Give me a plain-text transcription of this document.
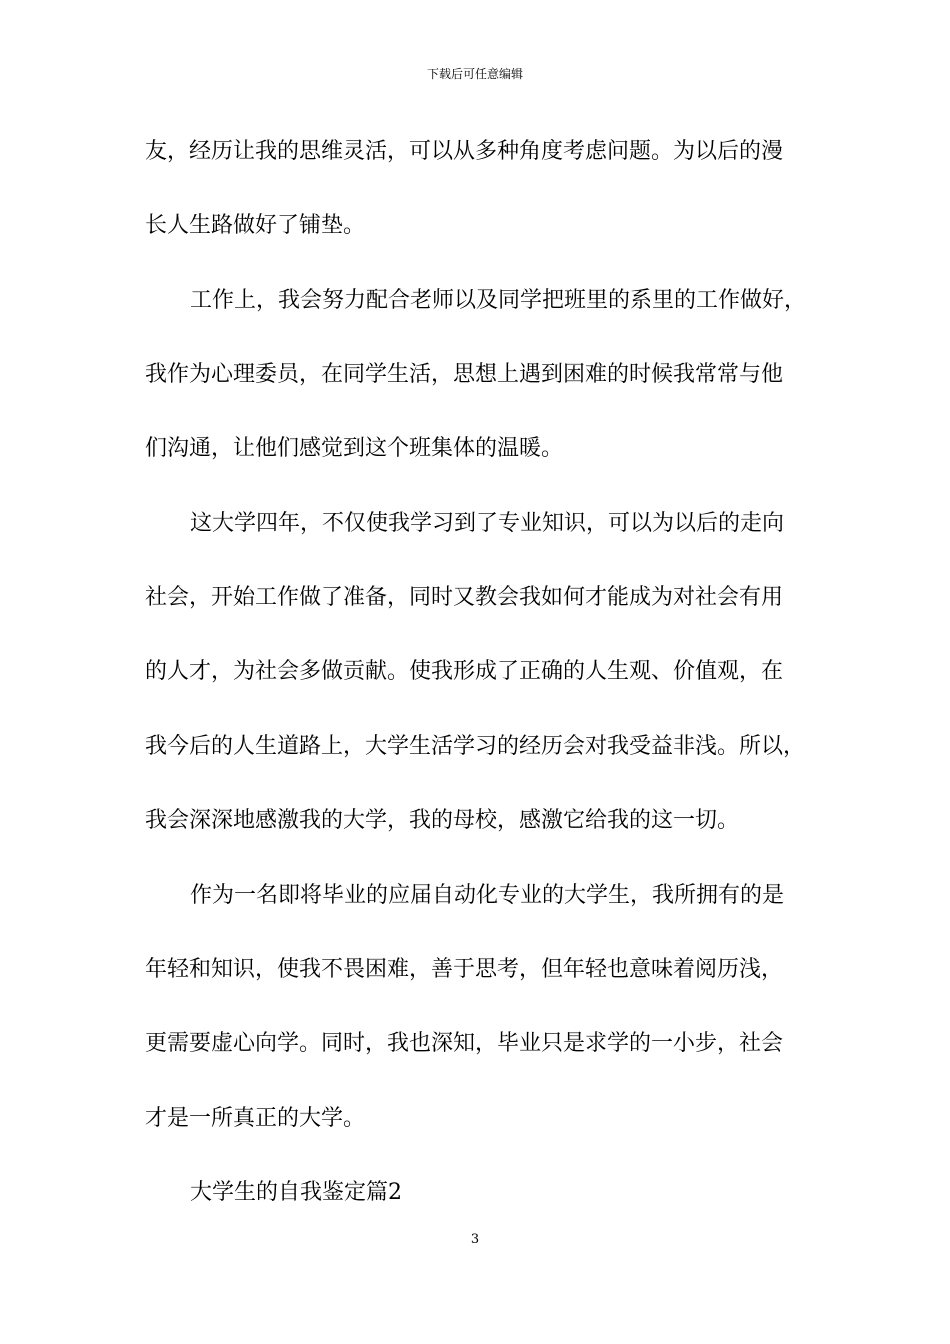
下载后可任意编辑
友，经历让我的思维灵活，可以从多种角度考虑问题。为以后的漫
长人生路做好了铺垫。
工作上，我会努力配合老师以及同学把班里的系里的工作做好，
我作为心理委员，在同学生活，思想上遇到困难的时候我常常与他
们沟通，让他们感觉到这个班集体的温暖。
这大学四年，不仅使我学习到了专业知识，可以为以后的走向
社会，开始工作做了准备，同时又教会我如何才能成为对社会有用
的人才，为社会多做贡献。使我形成了正确的人生观、价值观，在
我今后的人生道路上，大学生活学习的经历会对我受益非浅。所以，
我会深深地感激我的大学，我的母校，感激它给我的这一切。
作为一名即将毕业的应届自动化专业的大学生，我所拥有的是
年轻和知识，使我不畏困难，善于思考，但年轻也意味着阅历浅，
更需要虚心向学。同时，我也深知，毕业只是求学的一小步，社会
才是一所真正的大学。
大学生的自我鉴定篇2
3
